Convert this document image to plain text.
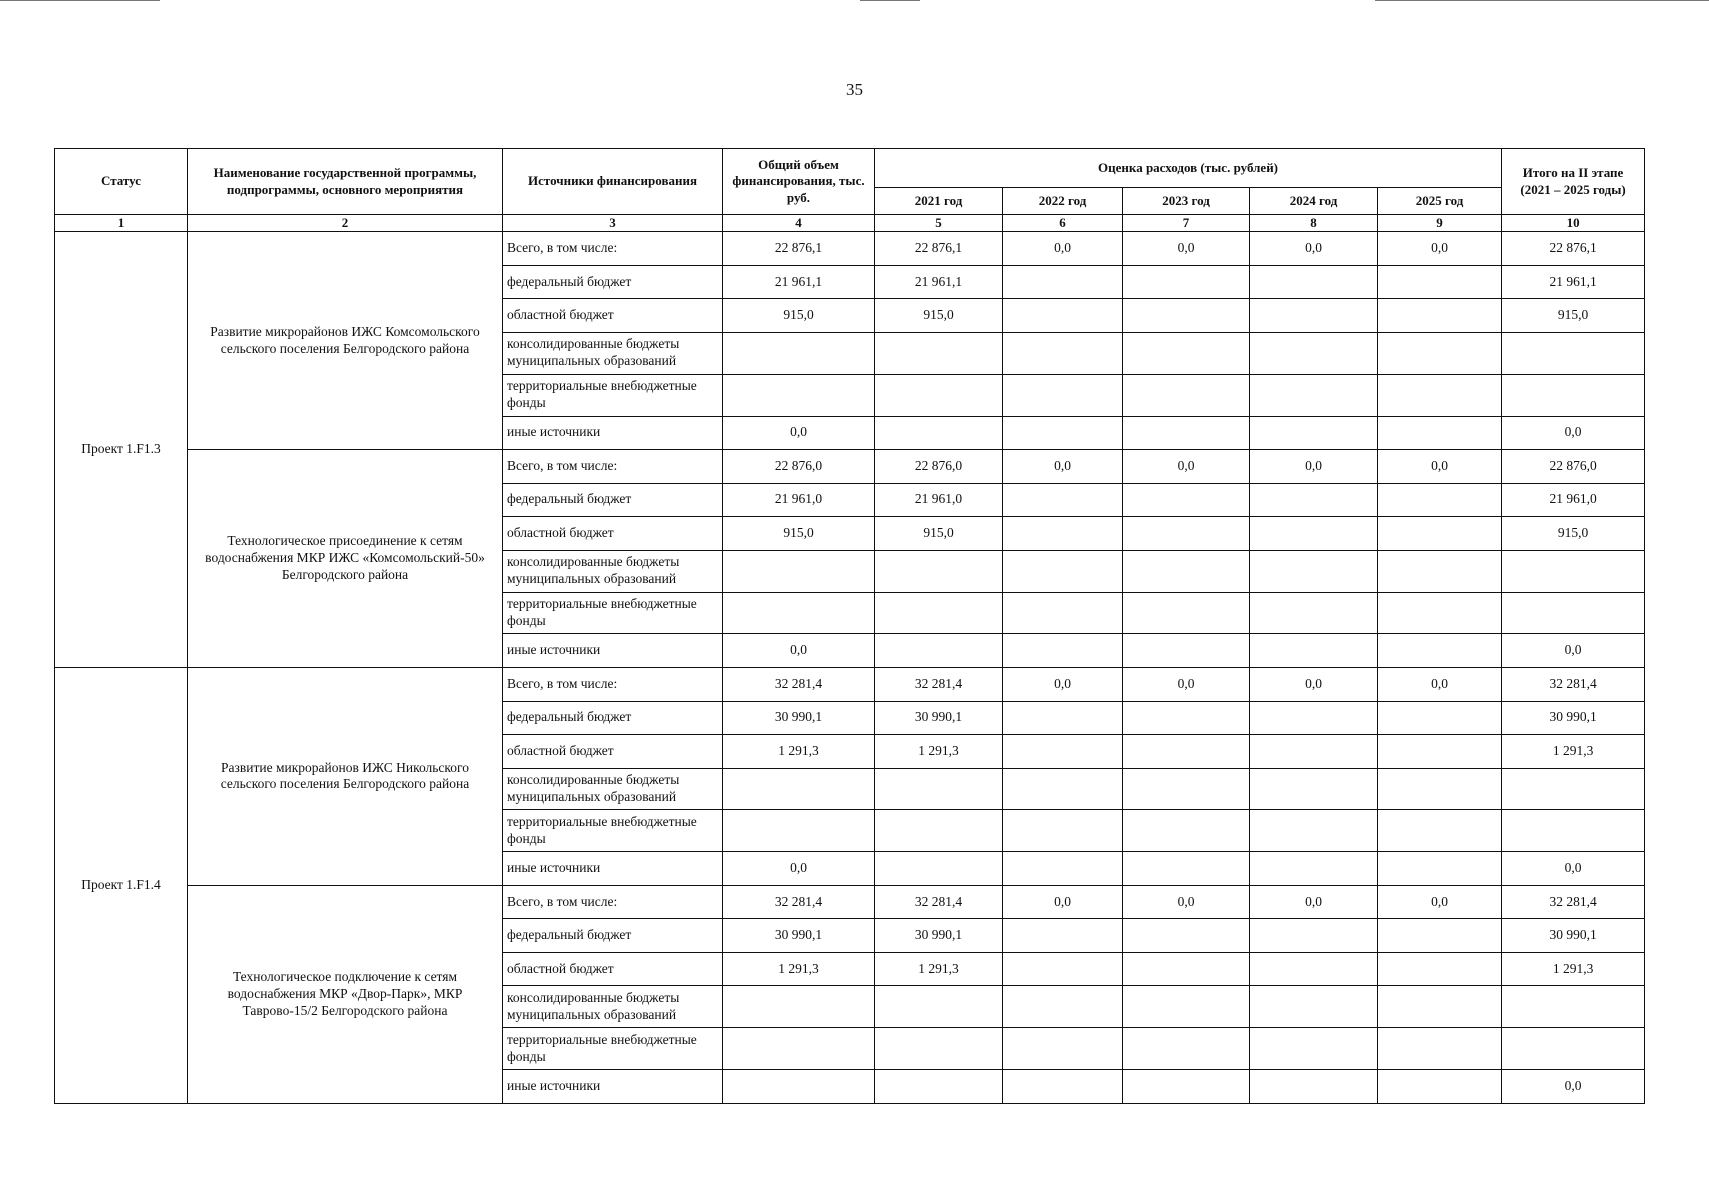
35
Статус	Наименование государственной программы, подпрограммы, основного мероприятия	Источники финансирования	Общий объем финансирования, тыс. руб.	Оценка расходов (тыс. рублей)					Итого на II этапе (2021 – 2025 годы)
				2021 год	2022 год	2023 год	2024 год	2025 год	
1	2	3	4	5	6	7	8	9	10
Проект 1.F1.3	Развитие микрорайонов ИЖС Комсомольского сельского поселения Белгородского района	Всего, в том числе:	22 876,1	22 876,1	0,0	0,0	0,0	0,0	22 876,1
		федеральный бюджет	21 961,1	21 961,1					21 961,1
		областной бюджет	915,0	915,0					915,0
		консолидированные бюджеты муниципальных образований							
		территориальные внебюджетные фонды							
		иные источники	0,0						0,0
	Технологическое присоединение к сетям водоснабжения МКР ИЖС «Комсомольский-50» Белгородского района	Всего, в том числе:	22 876,0	22 876,0	0,0	0,0	0,0	0,0	22 876,0
		федеральный бюджет	21 961,0	21 961,0					21 961,0
		областной бюджет	915,0	915,0					915,0
		консолидированные бюджеты муниципальных образований							
		территориальные внебюджетные фонды							
		иные источники	0,0						0,0
Проект 1.F1.4	Развитие микрорайонов ИЖС Никольского сельского поселения Белгородского района	Всего, в том числе:	32 281,4	32 281,4	0,0	0,0	0,0	0,0	32 281,4
		федеральный бюджет	30 990,1	30 990,1					30 990,1
		областной бюджет	1 291,3	1 291,3					1 291,3
		консолидированные бюджеты муниципальных образований							
		территориальные внебюджетные фонды							
		иные источники	0,0						0,0
	Технологическое подключение к сетям водоснабжения МКР «Двор-Парк», МКР Таврово-15/2 Белгородского района	Всего, в том числе:	32 281,4	32 281,4	0,0	0,0	0,0	0,0	32 281,4
		федеральный бюджет	30 990,1	30 990,1					30 990,1
		областной бюджет	1 291,3	1 291,3					1 291,3
		консолидированные бюджеты муниципальных образований							
		территориальные внебюджетные фонды							
		иные источники							0,0
